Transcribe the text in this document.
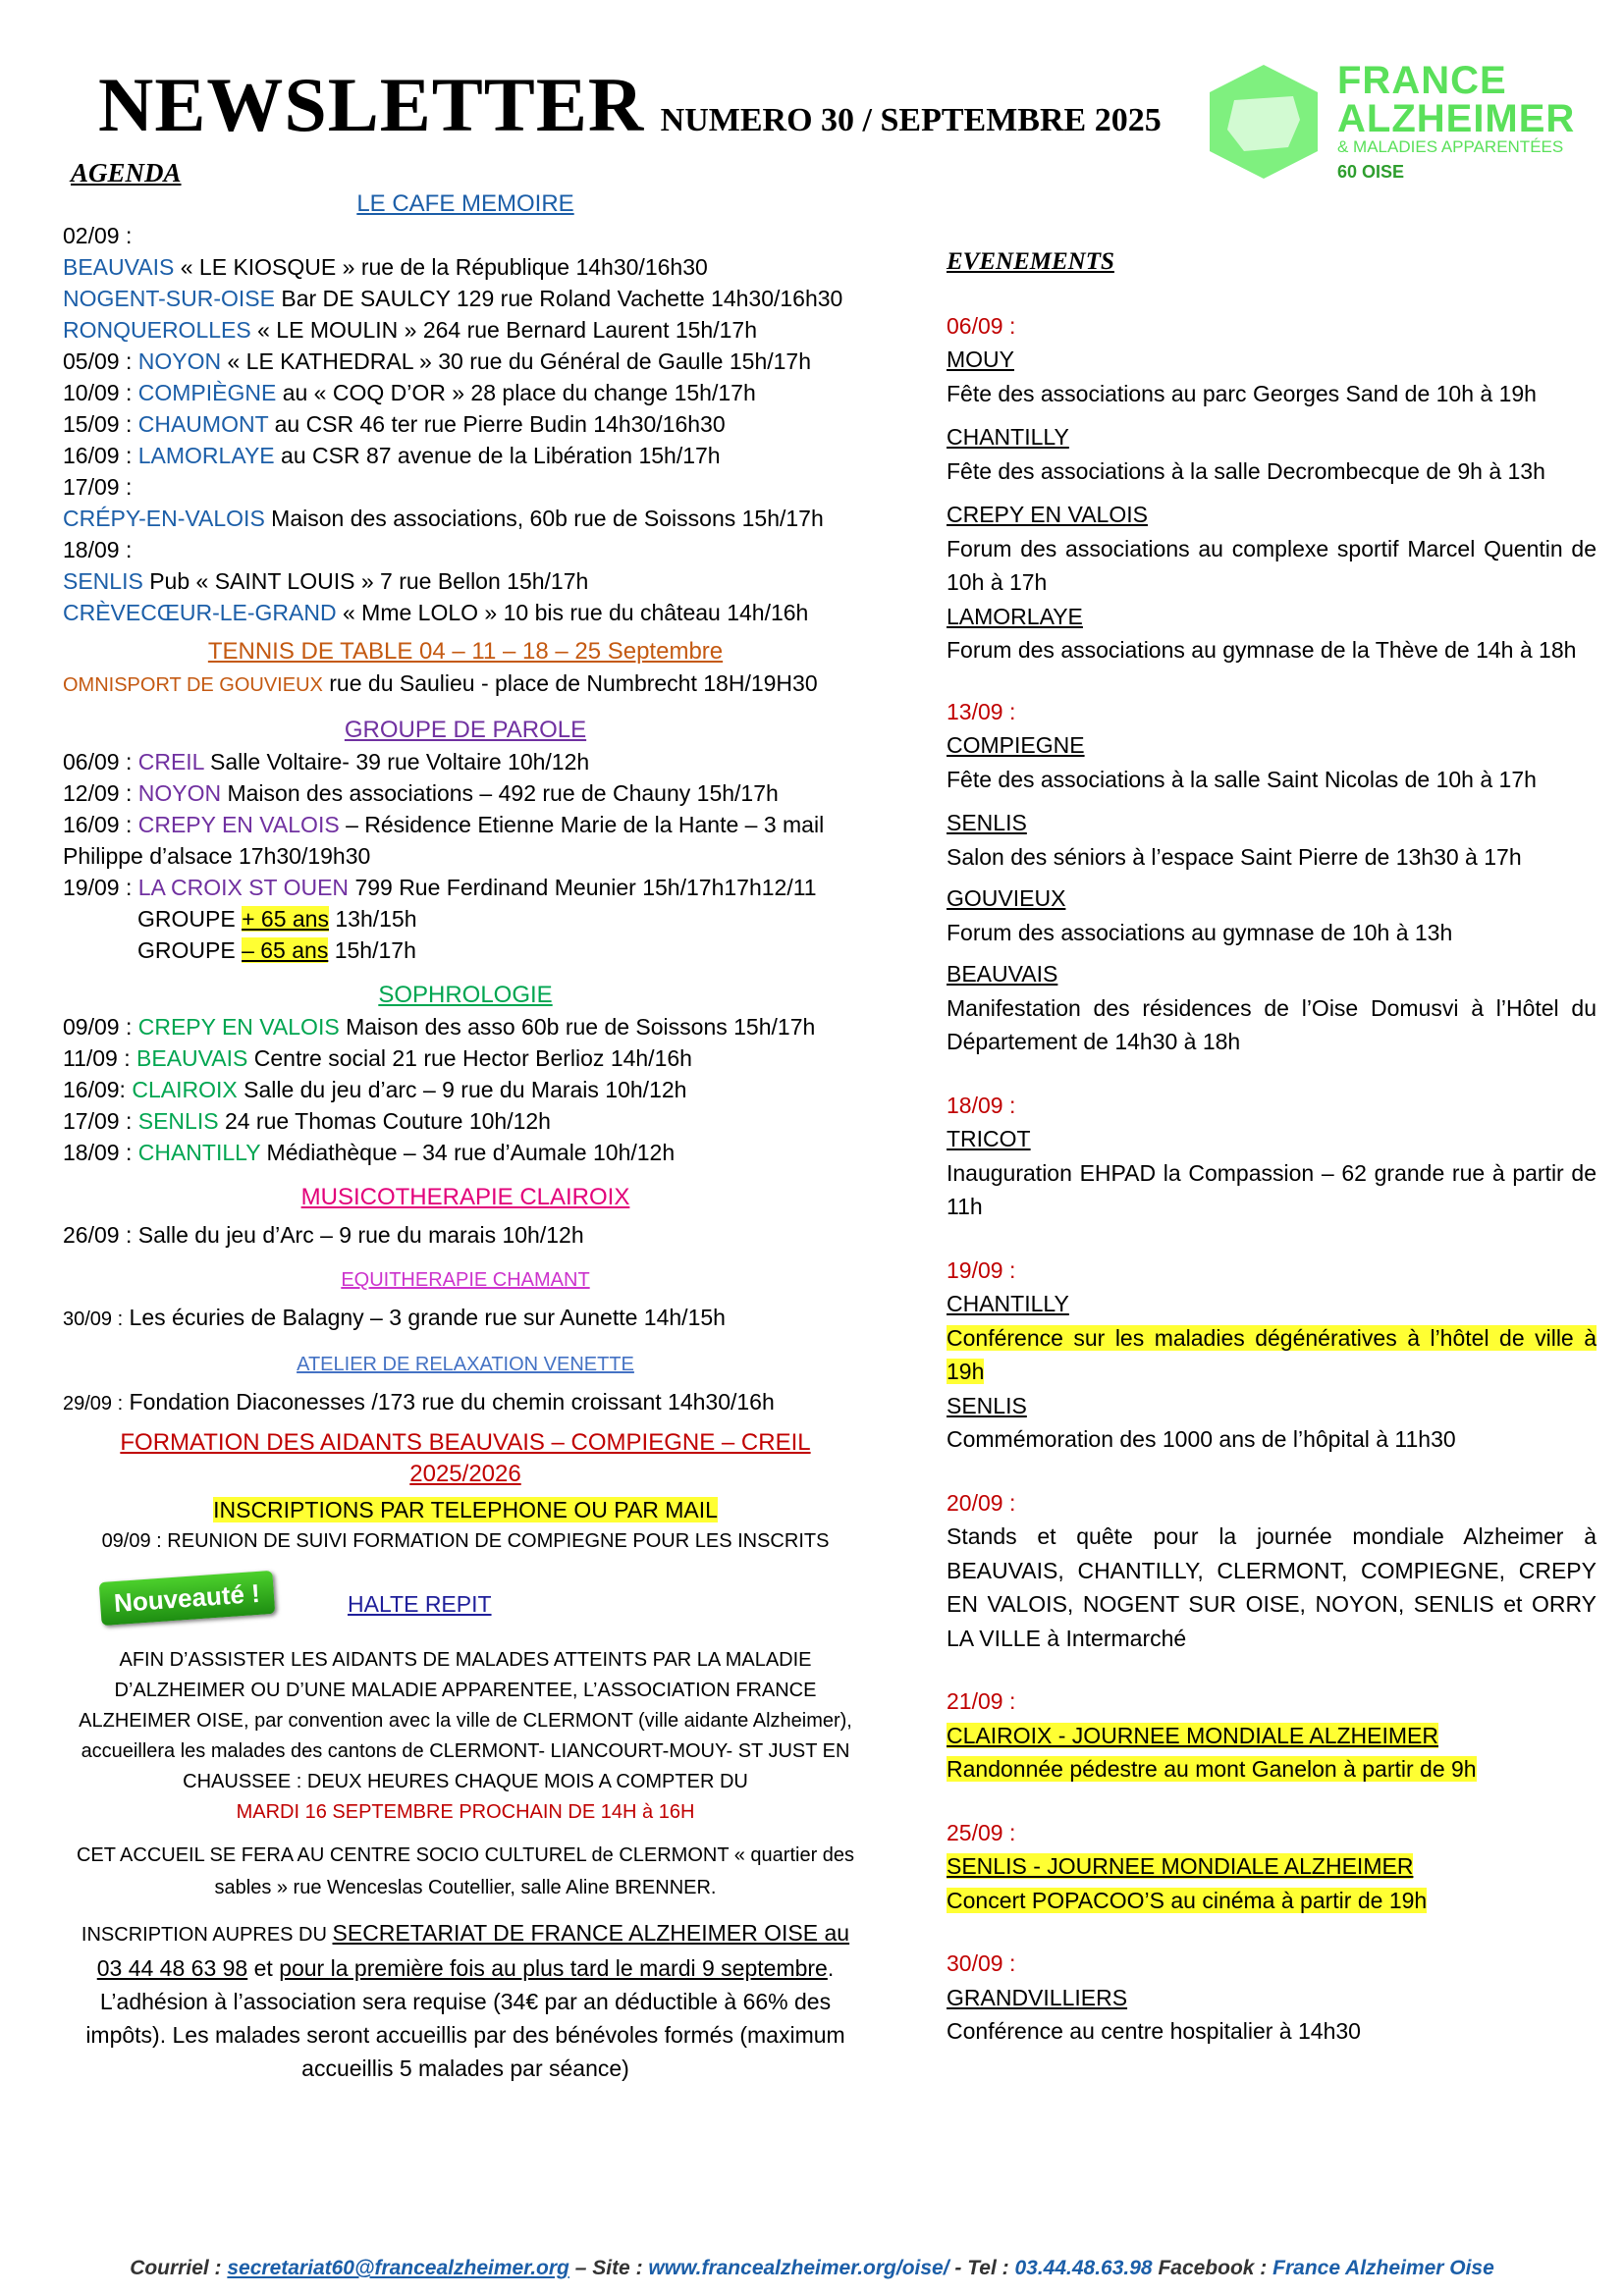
NEWSLETTER NUMERO 30 / SEPTEMBRE 2025
FRANCE
ALZHEIMER
& MALADIES APPARENTÉES
60 OISE
AGENDA
LE CAFE MEMOIRE
02/09 :
BEAUVAIS « LE KIOSQUE » rue de la République 14h30/16h30
NOGENT-SUR-OISE Bar DE SAULCY 129 rue Roland Vachette 14h30/16h30
RONQUEROLLES « LE MOULIN » 264 rue Bernard Laurent 15h/17h
05/09 : NOYON « LE KATHEDRAL » 30 rue du Général de Gaulle 15h/17h
10/09 : COMPIÈGNE au « COQ D’OR » 28 place du change 15h/17h
15/09 : CHAUMONT au CSR 46 ter rue Pierre Budin 14h30/16h30
16/09 : LAMORLAYE au CSR 87 avenue de la Libération 15h/17h
17/09 :
CRÉPY-EN-VALOIS Maison des associations, 60b rue de Soissons 15h/17h
18/09 :
SENLIS Pub « SAINT LOUIS » 7 rue Bellon 15h/17h
CRÈVECŒUR-LE-GRAND « Mme LOLO » 10 bis rue du château 14h/16h
TENNIS DE TABLE 04 – 11 – 18 – 25 Septembre
OMNISPORT DE GOUVIEUX rue du Saulieu - place de Numbrecht 18H/19H30
GROUPE DE PAROLE
06/09 : CREIL Salle Voltaire- 39 rue Voltaire 10h/12h
12/09 : NOYON Maison des associations – 492 rue de Chauny 15h/17h
16/09 : CREPY EN VALOIS – Résidence Etienne Marie de la Hante – 3 mail Philippe d’alsace 17h30/19h30
19/09 : LA CROIX ST OUEN 799 Rue Ferdinand Meunier 15h/17h17h12/11
GROUPE + 65 ans 13h/15h
GROUPE – 65 ans 15h/17h
SOPHROLOGIE
09/09 : CREPY EN VALOIS Maison des asso 60b rue de Soissons 15h/17h
11/09 : BEAUVAIS Centre social 21 rue Hector Berlioz 14h/16h
16/09: CLAIROIX Salle du jeu d’arc – 9 rue du Marais 10h/12h
17/09 : SENLIS 24 rue Thomas Couture 10h/12h
18/09 : CHANTILLY Médiathèque – 34 rue d’Aumale 10h/12h
MUSICOTHERAPIE CLAIROIX
26/09 : Salle du jeu d’Arc – 9 rue du marais 10h/12h
EQUITHERAPIE CHAMANT
30/09 : Les écuries de Balagny – 3 grande rue sur Aunette 14h/15h
ATELIER DE RELAXATION VENETTE
29/09 : Fondation Diaconesses /173 rue du chemin croissant 14h30/16h
FORMATION DES AIDANTS BEAUVAIS – COMPIEGNE – CREIL 2025/2026
INSCRIPTIONS PAR TELEPHONE OU PAR MAIL
09/09 : REUNION DE SUIVI FORMATION DE COMPIEGNE POUR LES INSCRITS
Nouveauté !	HALTE REPIT
AFIN D’ASSISTER LES AIDANTS DE MALADES ATTEINTS PAR LA MALADIE D’ALZHEIMER OU D’UNE MALADIE APPARENTEE, L’ASSOCIATION FRANCE ALZHEIMER OISE, par convention avec la ville de CLERMONT (ville aidante Alzheimer), accueillera les malades des cantons de CLERMONT- LIANCOURT-MOUY- ST JUST EN CHAUSSEE : DEUX HEURES CHAQUE MOIS A COMPTER DU
MARDI 16 SEPTEMBRE PROCHAIN DE 14H à 16H
CET ACCUEIL SE FERA AU CENTRE SOCIO CULTUREL de CLERMONT « quartier des sables » rue Wenceslas Coutellier, salle Aline BRENNER.
INSCRIPTION AUPRES DU SECRETARIAT DE FRANCE ALZHEIMER OISE au 03 44 48 63 98 et pour la première fois au plus tard le mardi 9 septembre. L’adhésion à l’association sera requise (34€ par an déductible à 66% des impôts). Les malades seront accueillis par des bénévoles formés (maximum accueillis 5 malades par séance)
EVENEMENTS
06/09 :
MOUY
Fête des associations au parc Georges Sand de 10h à 19h
CHANTILLY
Fête des associations à la salle Decrombecque de 9h à 13h
CREPY EN VALOIS
Forum des associations au complexe sportif Marcel Quentin de 10h à 17h
LAMORLAYE
Forum des associations au gymnase de la Thève de 14h à 18h
13/09 :
COMPIEGNE
Fête des associations à la salle Saint Nicolas de 10h à 17h
SENLIS
Salon des séniors à l’espace Saint Pierre de 13h30 à 17h
GOUVIEUX
Forum des associations au gymnase de 10h à 13h
BEAUVAIS
Manifestation des résidences de l’Oise Domusvi à l’Hôtel du Département de 14h30 à 18h
18/09 :
TRICOT
Inauguration EHPAD la Compassion – 62 grande rue à partir de 11h
19/09 :
CHANTILLY
Conférence sur les maladies dégénératives à l’hôtel de ville à 19h
SENLIS
Commémoration des 1000 ans de l’hôpital à 11h30
20/09 :
Stands et quête pour la journée mondiale Alzheimer à BEAUVAIS, CHANTILLY, CLERMONT, COMPIEGNE, CREPY EN VALOIS, NOGENT SUR OISE, NOYON, SENLIS et ORRY LA VILLE à Intermarché
21/09 :
CLAIROIX - JOURNEE MONDIALE ALZHEIMER
Randonnée pédestre au mont Ganelon à partir de 9h
25/09 :
SENLIS - JOURNEE MONDIALE ALZHEIMER
Concert POPACOO’S au cinéma à partir de 19h
30/09 :
GRANDVILLIERS
Conférence au centre hospitalier à 14h30
Courriel : secretariat60@francealzheimer.org – Site : www.francealzheimer.org/oise/ - Tel : 03.44.48.63.98 Facebook : France Alzheimer Oise
